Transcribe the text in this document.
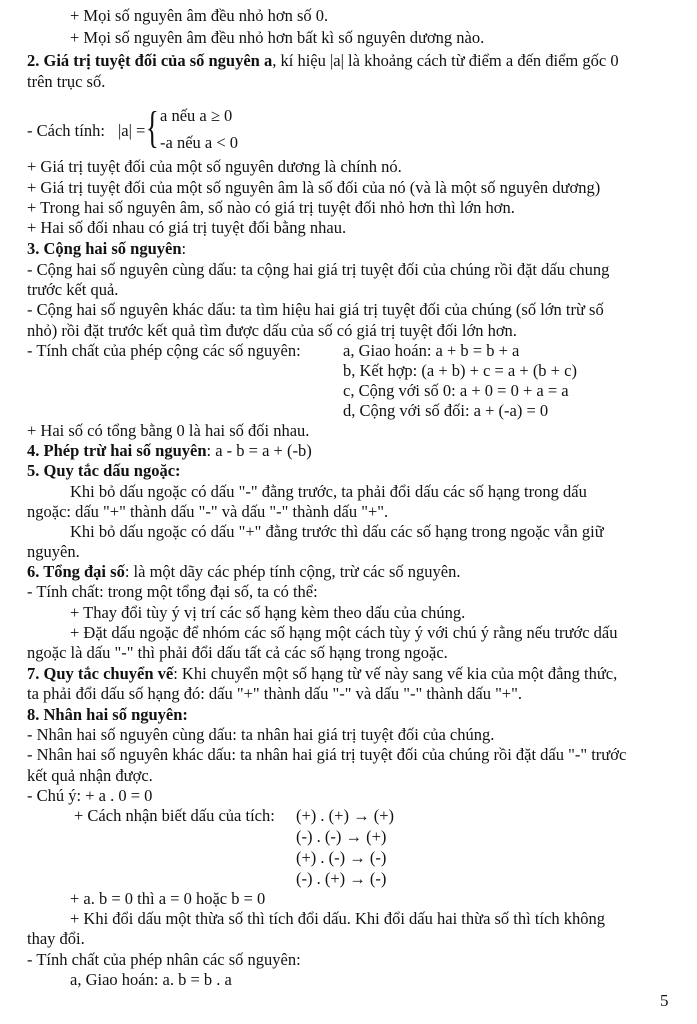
+ Mọi số nguyên âm đều nhỏ hơn số 0.
+ Mọi số nguyên âm đều nhỏ hơn bất kì số nguyên dương nào.
2. Giá trị tuyệt đối của số nguyên a, kí hiệu |a| là khoảng cách từ điểm a đến điểm gốc 0
trên trục số.
- Cách tính: |a| = { a nếu a ≥ 0
-a nếu a < 0
+ Giá trị tuyệt đối của một số nguyên dương là chính nó.
+ Giá trị tuyệt đối của một số nguyên âm là số đối của nó (và là một số nguyên dương)
+ Trong hai số nguyên âm, số nào có giá trị tuyệt đối nhỏ hơn thì lớn hơn.
+ Hai số đối nhau có giá trị tuyệt đối bằng nhau.
3. Cộng hai số nguyên:
- Cộng hai số nguyên cùng dấu: ta cộng hai giá trị tuyệt đối của chúng rồi đặt dấu chung
trước kết quả.
- Cộng hai số nguyên khác dấu: ta tìm hiệu hai giá trị tuyệt đối của chúng (số lớn trừ số
nhỏ) rồi đặt trước kết quả tìm được dấu của số có giá trị tuyệt đối lớn hơn.
- Tính chất của phép cộng các số nguyên:	a, Giao hoán: a + b = b + a
b, Kết hợp: (a + b) + c = a + (b + c)
c, Cộng với số 0: a + 0 = 0 + a = a
d, Cộng với số đối: a + (-a) = 0
+ Hai số có tổng bằng 0 là hai số đối nhau.
4. Phép trừ hai số nguyên: a - b = a + (-b)
5. Quy tắc dấu ngoặc:
Khi bỏ dấu ngoặc có dấu "-" đằng trước, ta phải đổi dấu các số hạng trong dấu
ngoặc: dấu "+" thành dấu "-" và dấu "-" thành dấu "+".
Khi bỏ dấu ngoặc có dấu "+" đằng trước thì dấu các số hạng trong ngoặc vẫn giữ
nguyên.
6. Tổng đại số: là một dãy các phép tính cộng, trừ các số nguyên.
- Tính chất: trong một tổng đại số, ta có thể:
+ Thay đổi tùy ý vị trí các số hạng kèm theo dấu của chúng.
+ Đặt dấu ngoặc để nhóm các số hạng một cách tùy ý với chú ý rằng nếu trước dấu
ngoặc là dấu "-" thì phải đổi dấu tất cả các số hạng trong ngoặc.
7. Quy tắc chuyển vế: Khi chuyển một số hạng từ vế này sang vế kia của một đẳng thức,
ta phải đổi dấu số hạng đó: dấu "+" thành dấu "-" và dấu "-" thành dấu "+".
8. Nhân hai số nguyên:
- Nhân hai số nguyên cùng dấu: ta nhân hai giá trị tuyệt đối của chúng.
- Nhân hai số nguyên khác dấu: ta nhân hai giá trị tuyệt đối của chúng rồi đặt dấu "-" trước
kết quả nhận được.
- Chú ý: + a . 0 = 0
+ Cách nhận biết dấu của tích: (+) . (+) → (+)
(-) . (-) → (+)
(+) . (-) → (-)
(-) . (+) → (-)
+ a. b = 0 thì a = 0 hoặc b = 0
+ Khi đổi dấu một thừa số thì tích đổi dấu. Khi đổi dấu hai thừa số thì tích không
thay đổi.
- Tính chất của phép nhân các số nguyên:
a, Giao hoán: a. b = b . a
5
